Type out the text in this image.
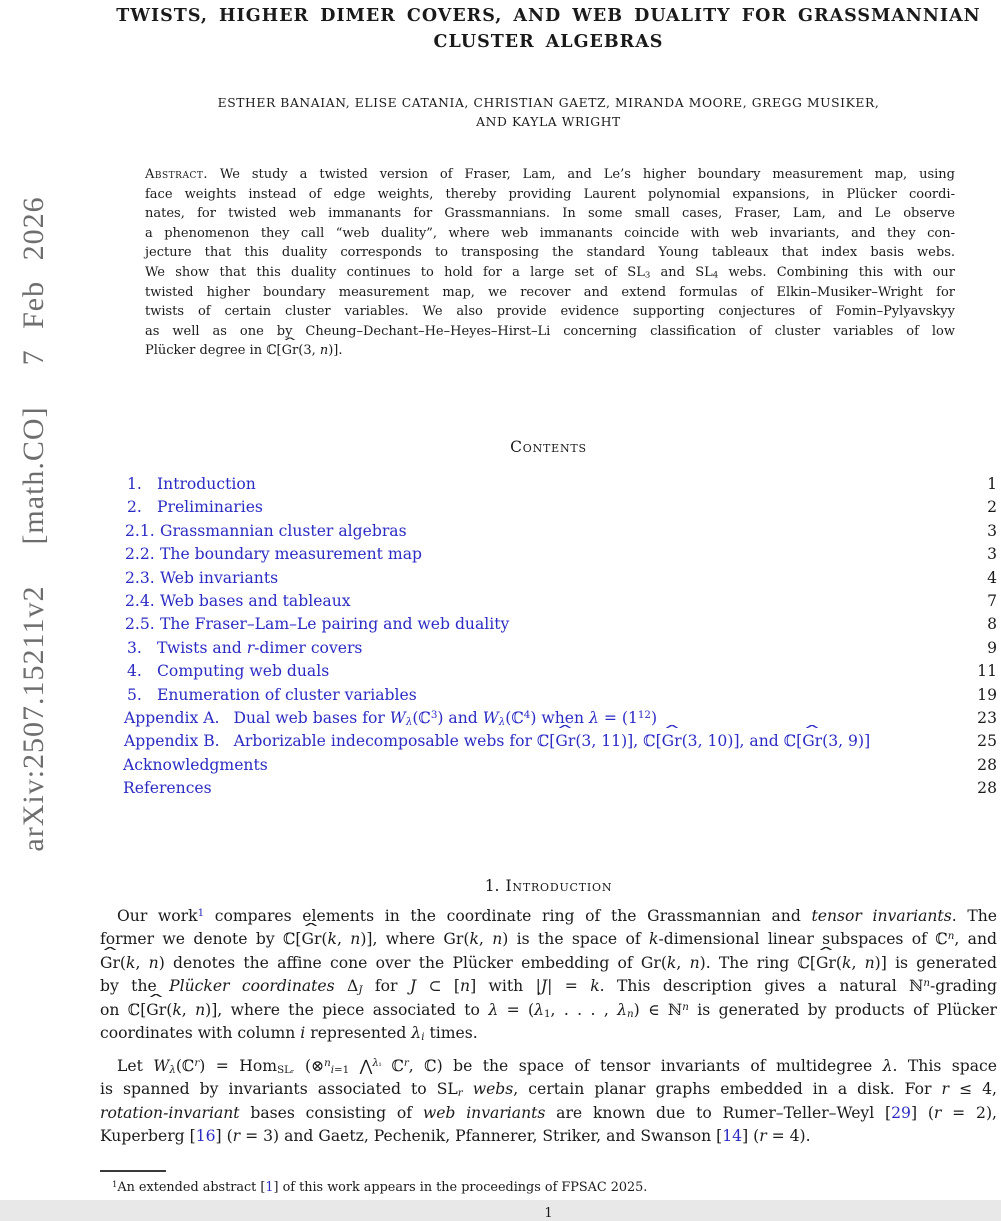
arXiv:2507.15211v2  [math.CO]  7 Feb 2026
TWISTS, HIGHER DIMER COVERS, AND WEB DUALITY FOR GRASSMANNIAN
CLUSTER ALGEBRAS
ESTHER BANAIAN, ELISE CATANIA, CHRISTIAN GAETZ, MIRANDA MOORE, GREGG MUSIKER,
AND KAYLA WRIGHT
Abstract. We study a twisted version of Fraser, Lam, and Le’s higher boundary measurement map, using
face weights instead of edge weights, thereby providing Laurent polynomial expansions, in Plücker coordi-
nates, for twisted web immanants for Grassmannians. In some small cases, Fraser, Lam, and Le observe
a phenomenon they call “web duality”, where web immanants coincide with web invariants, and they con-
jecture that this duality corresponds to transposing the standard Young tableaux that index basis webs.
We show that this duality continues to hold for a large set of $SL_3$ and $SL_4$ webs. Combining this with our
twisted higher boundary measurement map, we recover and extend formulas of Elkin–Musiker–Wright for
twists of certain cluster variables. We also provide evidence supporting conjectures of Fomin–Pylyavskyy
as well as one by Cheung–Dechant–He–Heyes–Hirst–Li concerning classification of cluster variables of low
Plücker degree in ℂ[ˆ Gr(3, n)].
Contents
1. Introduction	1
2. Preliminaries	2
2.1. Grassmannian cluster algebras	3
2.2. The boundary measurement map	3
2.3. Web invariants	4
2.4. Web bases and tableaux	7
2.5. The Fraser–Lam–Le pairing and web duality	8
3. Twists and r-dimer covers	9
4. Computing web duals	11
5. Enumeration of cluster variables	19
Appendix A. Dual web bases for $W_\lambda(ℂ^3)$ and $W_\lambda(ℂ^4)$ when $\lambda = (1^{12})$	23
Appendix B. Arborizable indecomposable webs for ℂ[ˆ Gr(3, 11)], ℂ[ˆ Gr(3, 10)], and ℂ[ˆ Gr(3, 9)]	25
Acknowledgments	28
References	28
1. Introduction
Our work$^1$ compares elements in the coordinate ring of the Grassmannian and tensor invariants. The
former we denote by ℂ[ˆ Gr(k, n)], where Gr(k, n) is the space of k-dimensional linear subspaces of ℂ$^n$, and
ˆ Gr(k, n) denotes the affine cone over the Plücker embedding of Gr(k, n). The ring ℂ[ˆ Gr(k, n)] is generated
by the Plücker coordinates $\Delta_J$ for J ⊂ [n] with |J| = k. This description gives a natural ℕ$^n$-grading
on ℂ[ˆ Gr(k, n)], where the piece associated to $\lambda = (\lambda_1$, . . . , $\lambda_n$) ∈ ℕ$^n$ is generated by products of Plücker
coordinates with column i represented $\lambda_i$ times.
Let $W_\lambda(ℂ^r) = Hom_{SLᵣ}$ (⊗$^n_{i=1}$ ⋀$^{\lambda ᵢ}$ ℂ$^r$, ℂ) be the space of tensor invariants of multidegree λ. This space
is spanned by invariants associated to $SL_r$ webs, certain planar graphs embedded in a disk. For r ≤ 4,
rotation-invariant bases consisting of web invariants are known due to Rumer–Teller–Weyl [29] (r = 2),
Kuperberg [16] (r = 3) and Gaetz, Pechenik, Pfannerer, Striker, and Swanson [14] (r = 4).
$^1$An extended abstract [1] of this work appears in the proceedings of FPSAC 2025.
1
